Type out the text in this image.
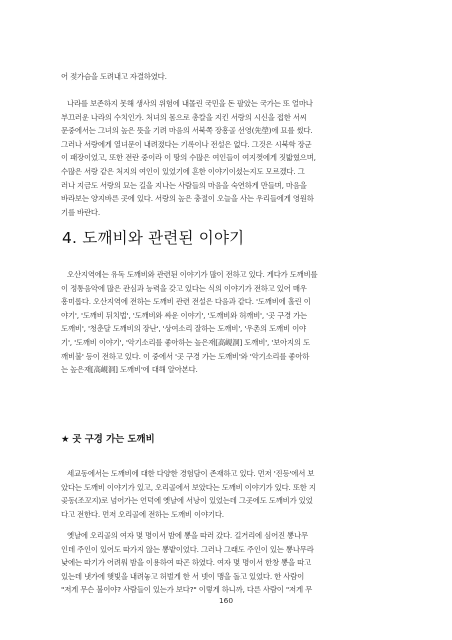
어 젖가슴을 도려내고 자결하였다.

나라를 보존하지 못해 생사의 위험에 내몰린 국민을 돈 팔았는 국가는 또 얼마나
부끄러운 나라의 수치인가. 처녀의 몸으로 총칼을 지킨 서랑의 시신을 접한 서씨
문중에서는 그녀의 높은 뜻을 기려 마음의 서북쪽 장흥골 선영(先塋)에 묘를 썼다.
그러나 서랑에게 열녀문이 내려졌다는 기록이나 전설은 없다. 그것은 시북학 장군
이 패장이었고, 또한 전란 중이라 이 땅의 수많은 여인들이 여지껏에게 짓밟혔으며,
수많은 서랑 같은 처지의 여인이 있었기에 흔한 이야기이셨는지도 모르겠다. 그
러나 지금도 서랑의 묘는 길을 지나는 사람들의 마음을 숙연하게 만들며, 마음을
바라보는 양지바른 곳에 있다. 서랑의 높은 충절이 오늘을 사는 우리들에게 영원하
기를 바란다.

4. 도깨비와 관련된 이야기

오산지역에는 유독 도깨비와 관련된 이야기가 많이 전하고 있다. 게다가 도깨비를
이 정통음악에 많은 관심과 능력을 갖고 있다는 식의 이야기가 전하고 있어 매우
흥미롭다. 오산지역에 전하는 도깨비 관련 전설은 다음과 같다. '도깨비에 홀린 이
야기', '도깨비 뒤치법', '도깨비와 싸운 이야기', '도깨비와 허깨비', '곳 구경 가는
도깨비', '청춘달 도깨비의 장난', '상여소리 잘하는 도깨비', '우촌의 도깨비 이야
기', '도깨비 이야기', '악기소리를 좋아하는 높은재[高峴洞] 도깨비', '보아지의 도
깨비불' 등이 전하고 있다. 이 중에서 '곳 구경 가는 도깨비'와 '악기소리를 좋아하
는 높은재[高峴洞] 도깨비'에 대해 알아본다.

★ 곳 구경 가는 도깨비

세교동에서는 도깨비에 대한 다양한 경험담이 존재하고 있다. 먼저 '진등'에서 보
았다는 도깨비 이야기가 있고, 오리골에서 보았다는 도깨비 이야기가 있다. 또한 지
곶동(조꼬지)로 넘어가는 언덕에 옛날에 서낭이 있었는데 그곳에도 도깨비가 있었
다고 전한다. 먼저 오리골에 전하는 도깨비 이야기다.

옛날에 오리골의 여자 몇 명이서 밤에 뽕을 따러 갔다. 길거리에 심어진 뽕나무
인데 주인이 있어도 따가지 않는 뽕밭이었다. 그러나 그래도 주인이 있는 뽕나무라
낮에는 따기가 어려워 밤을 이용하여 따곤 하였다. 여자 몇 명이서 한창 뽕을 따고
있는데 냇가에 햇빛을 내려놓고 허벌게 한 서 넷이 맹을 돌고 있었다. 한 사람이
"저게 무슨 불이야? 사람들이 있는가 보다?" 이렇게 하니까, 다른 사람이 "저게 무

160
